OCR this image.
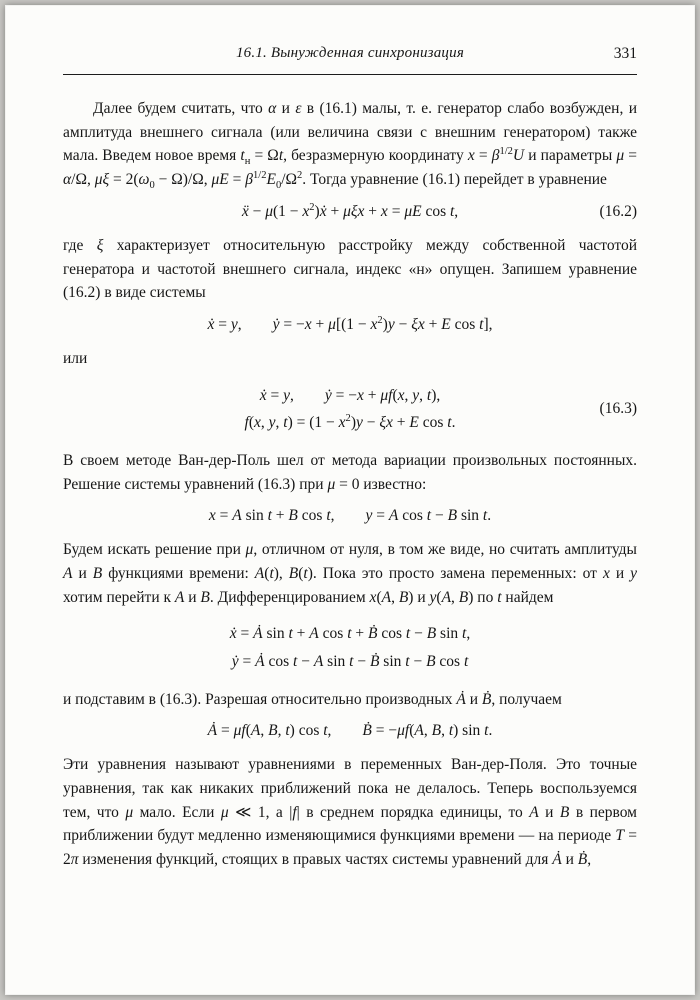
16.1. Вынужденная синхронизация	331

Далее будем считать, что α и ε в (16.1) малы, т. е. генератор слабо возбужден, и амплитуда внешнего сигнала (или величина связи с внешним генератором) также мала. Введем новое время $t_н = \Omega t$, безразмерную координату $x = \beta^{1/2}U$ и параметры μ = α/Ω, $\mu\xi = 2(\omega_0 - \Omega)/\Omega$, $\mu E = \beta^{1/2}E_0/\Omega^2$. Тогда уравнение (16.1) перейдет в уравнение

ẍ − $\mu(1 - x^2)ẋ + \mu\xi x + x = \mu E$ cos t,	(16.2)

где ξ характеризует относительную расстройку между собственной частотой генератора и частотой внешнего сигнала, индекс «н» опущен. Запишем уравнение (16.2) в виде системы

ẋ = y,  ẏ = $-x + \mu[(1 - x^2)y - \xi x + E$ cos t],

или

ẋ = y,  ẏ = −x + μf(x, y, t),
f(x, y, $t) = (1 - x^2)y - \xi x + E$ cos t.
(16.3)

В своем методе Ван-дер-Поль шел от метода вариации произвольных постоянных. Решение системы уравнений (16.3) при μ = 0 известно:

x = A sin t + B cos t,  y = A cos t − B sin t.

Будем искать решение при μ, отличном от нуля, в том же виде, но считать амплитуды A и B функциями времени: A(t), B(t). Пока это просто замена переменных: от x и y хотим перейти к A и B. Дифференцированием x(A, B) и y(A, B) по t найдем

ẋ = Ȧ sin t + A cos t + Ḃ cos t − B sin t,
ẏ = Ȧ cos t − A sin t − Ḃ sin t − B cos t

и подставим в (16.3). Разрешая относительно производных Ȧ и Ḃ, получаем

Ȧ = μf(A, B, t) cos t,  Ḃ = −μf(A, B, t) sin t.

Эти уравнения называют уравнениями в переменных Ван-дер-Поля. Это точные уравнения, так как никаких приближений пока не делалось. Теперь воспользуемся тем, что μ мало. Если μ ≪ 1, а |f| в среднем порядка единицы, то A и B в первом приближении будут медленно изменяющимися функциями времени — на периоде T = 2π изменения функций, стоящих в правых частях системы уравнений для Ȧ и Ḃ,
